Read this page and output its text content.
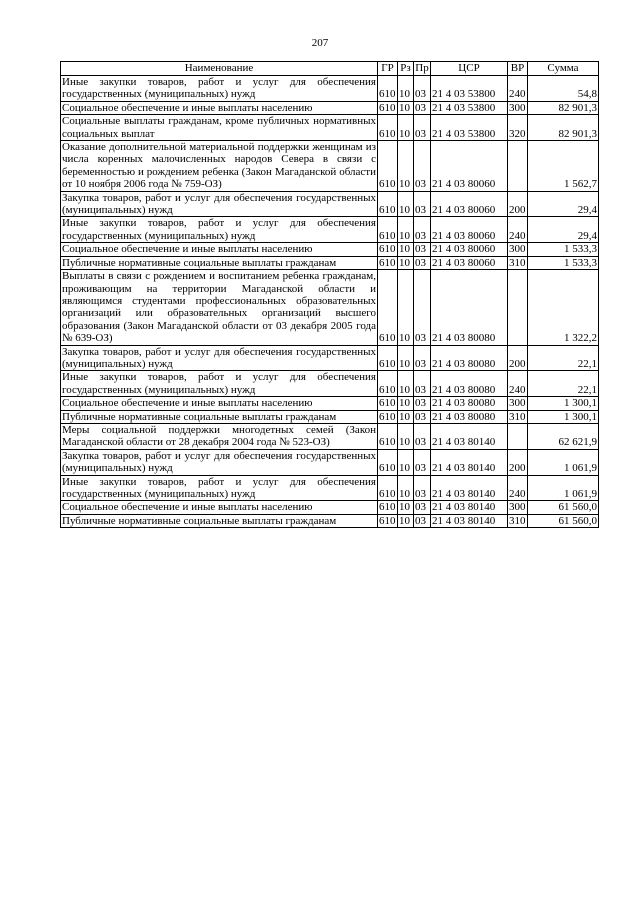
207
Наименование	ГР	Рз	Пр	ЦСР	ВР	Сумма
Иные закупки товаров, работ и услуг для обеспечения государственных (муниципальных) нужд	610	10	03	21 4 03 53800	240	54,8
Социальное обеспечение и иные выплаты населению	610	10	03	21 4 03 53800	300	82 901,3
Социальные выплаты гражданам, кроме публичных нормативных социальных выплат	610	10	03	21 4 03 53800	320	82 901,3
Оказание дополнительной материальной поддержки женщинам из числа коренных малочисленных народов Севера в связи с беременностью и рождением ребенка (Закон Магаданской области от 10 ноября 2006 года № 759-ОЗ)	610	10	03	21 4 03 80060		1 562,7
Закупка товаров, работ и услуг для обеспечения государственных (муниципальных) нужд	610	10	03	21 4 03 80060	200	29,4
Иные закупки товаров, работ и услуг для обеспечения государственных (муниципальных) нужд	610	10	03	21 4 03 80060	240	29,4
Социальное обеспечение и иные выплаты населению	610	10	03	21 4 03 80060	300	1 533,3
Публичные нормативные социальные выплаты гражданам	610	10	03	21 4 03 80060	310	1 533,3
Выплаты в связи с рождением и воспитанием ребенка гражданам, проживающим на территории Магаданской области и являющимся студентами профессиональных образовательных организаций или образовательных организаций высшего образования (Закон Магаданской области от 03 декабря 2005 года № 639-ОЗ)	610	10	03	21 4 03 80080		1 322,2
Закупка товаров, работ и услуг для обеспечения государственных (муниципальных) нужд	610	10	03	21 4 03 80080	200	22,1
Иные закупки товаров, работ и услуг для обеспечения государственных (муниципальных) нужд	610	10	03	21 4 03 80080	240	22,1
Социальное обеспечение и иные выплаты населению	610	10	03	21 4 03 80080	300	1 300,1
Публичные нормативные социальные выплаты гражданам	610	10	03	21 4 03 80080	310	1 300,1
Меры социальной поддержки многодетных семей (Закон Магаданской области от 28 декабря 2004 года № 523-ОЗ)	610	10	03	21 4 03 80140		62 621,9
Закупка товаров, работ и услуг для обеспечения государственных (муниципальных) нужд	610	10	03	21 4 03 80140	200	1 061,9
Иные закупки товаров, работ и услуг для обеспечения государственных (муниципальных) нужд	610	10	03	21 4 03 80140	240	1 061,9
Социальное обеспечение и иные выплаты населению	610	10	03	21 4 03 80140	300	61 560,0
Публичные нормативные социальные выплаты гражданам	610	10	03	21 4 03 80140	310	61 560,0
